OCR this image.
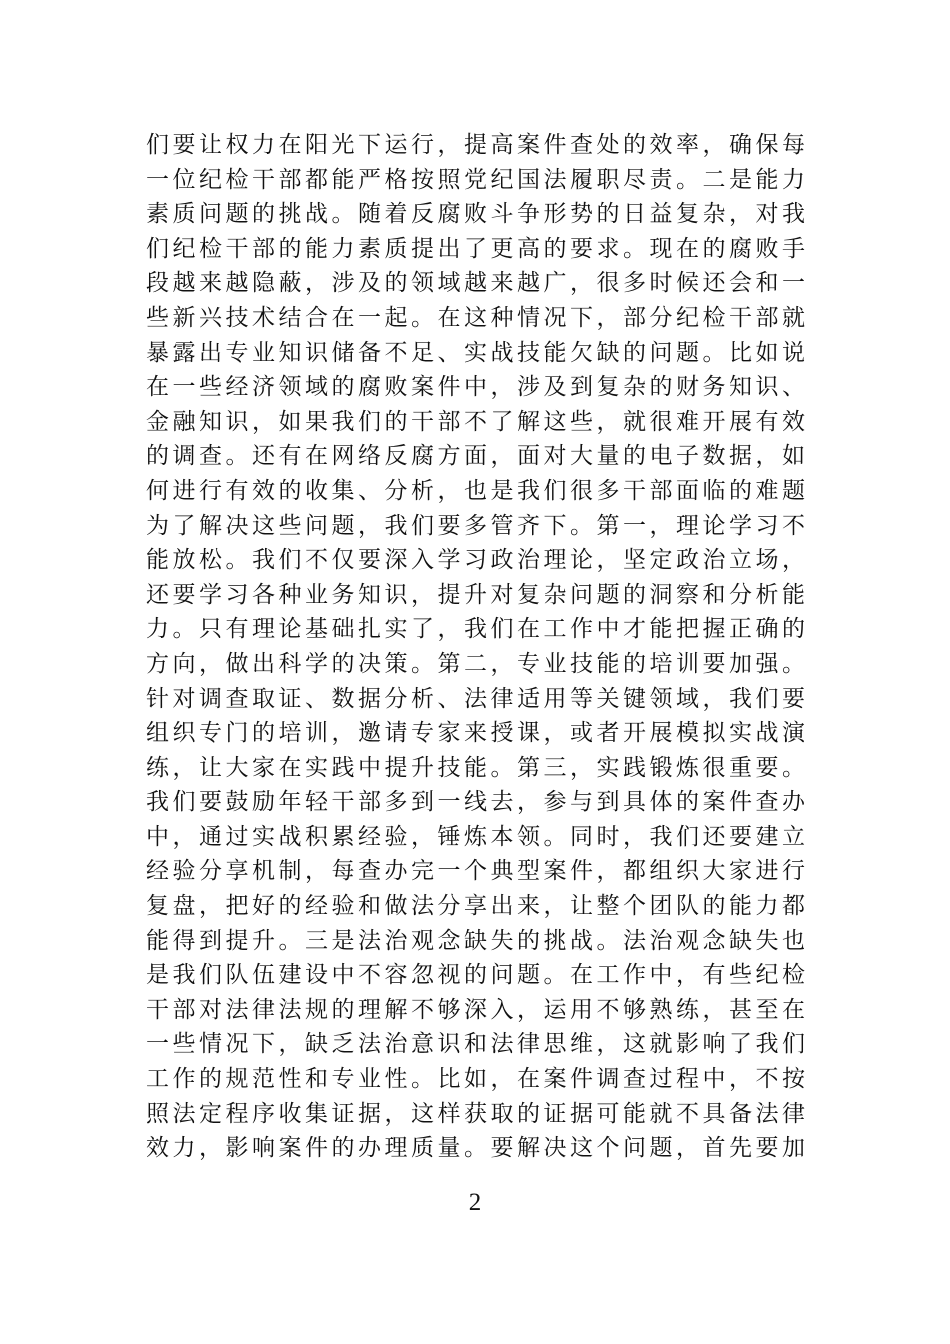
们要让权力在阳光下运行，提高案件查处的效率，确保每
一位纪检干部都能严格按照党纪国法履职尽责。二是能力
素质问题的挑战。随着反腐败斗争形势的日益复杂，对我
们纪检干部的能力素质提出了更高的要求。现在的腐败手
段越来越隐蔽，涉及的领域越来越广，很多时候还会和一
些新兴技术结合在一起。在这种情况下，部分纪检干部就
暴露出专业知识储备不足、实战技能欠缺的问题。比如说
在一些经济领域的腐败案件中，涉及到复杂的财务知识、
金融知识，如果我们的干部不了解这些，就很难开展有效
的调查。还有在网络反腐方面，面对大量的电子数据，如
何进行有效的收集、分析，也是我们很多干部面临的难题
为了解决这些问题，我们要多管齐下。第一，理论学习不
能放松。我们不仅要深入学习政治理论，坚定政治立场，
还要学习各种业务知识，提升对复杂问题的洞察和分析能
力。只有理论基础扎实了，我们在工作中才能把握正确的
方向，做出科学的决策。第二，专业技能的培训要加强。
针对调查取证、数据分析、法律适用等关键领域，我们要
组织专门的培训，邀请专家来授课，或者开展模拟实战演
练，让大家在实践中提升技能。第三，实践锻炼很重要。
我们要鼓励年轻干部多到一线去，参与到具体的案件查办
中，通过实战积累经验，锤炼本领。同时，我们还要建立
经验分享机制，每查办完一个典型案件，都组织大家进行
复盘，把好的经验和做法分享出来，让整个团队的能力都
能得到提升。三是法治观念缺失的挑战。法治观念缺失也
是我们队伍建设中不容忽视的问题。在工作中，有些纪检
干部对法律法规的理解不够深入，运用不够熟练，甚至在
一些情况下，缺乏法治意识和法律思维，这就影响了我们
工作的规范性和专业性。比如，在案件调查过程中，不按
照法定程序收集证据，这样获取的证据可能就不具备法律
效力，影响案件的办理质量。要解决这个问题，首先要加
2
